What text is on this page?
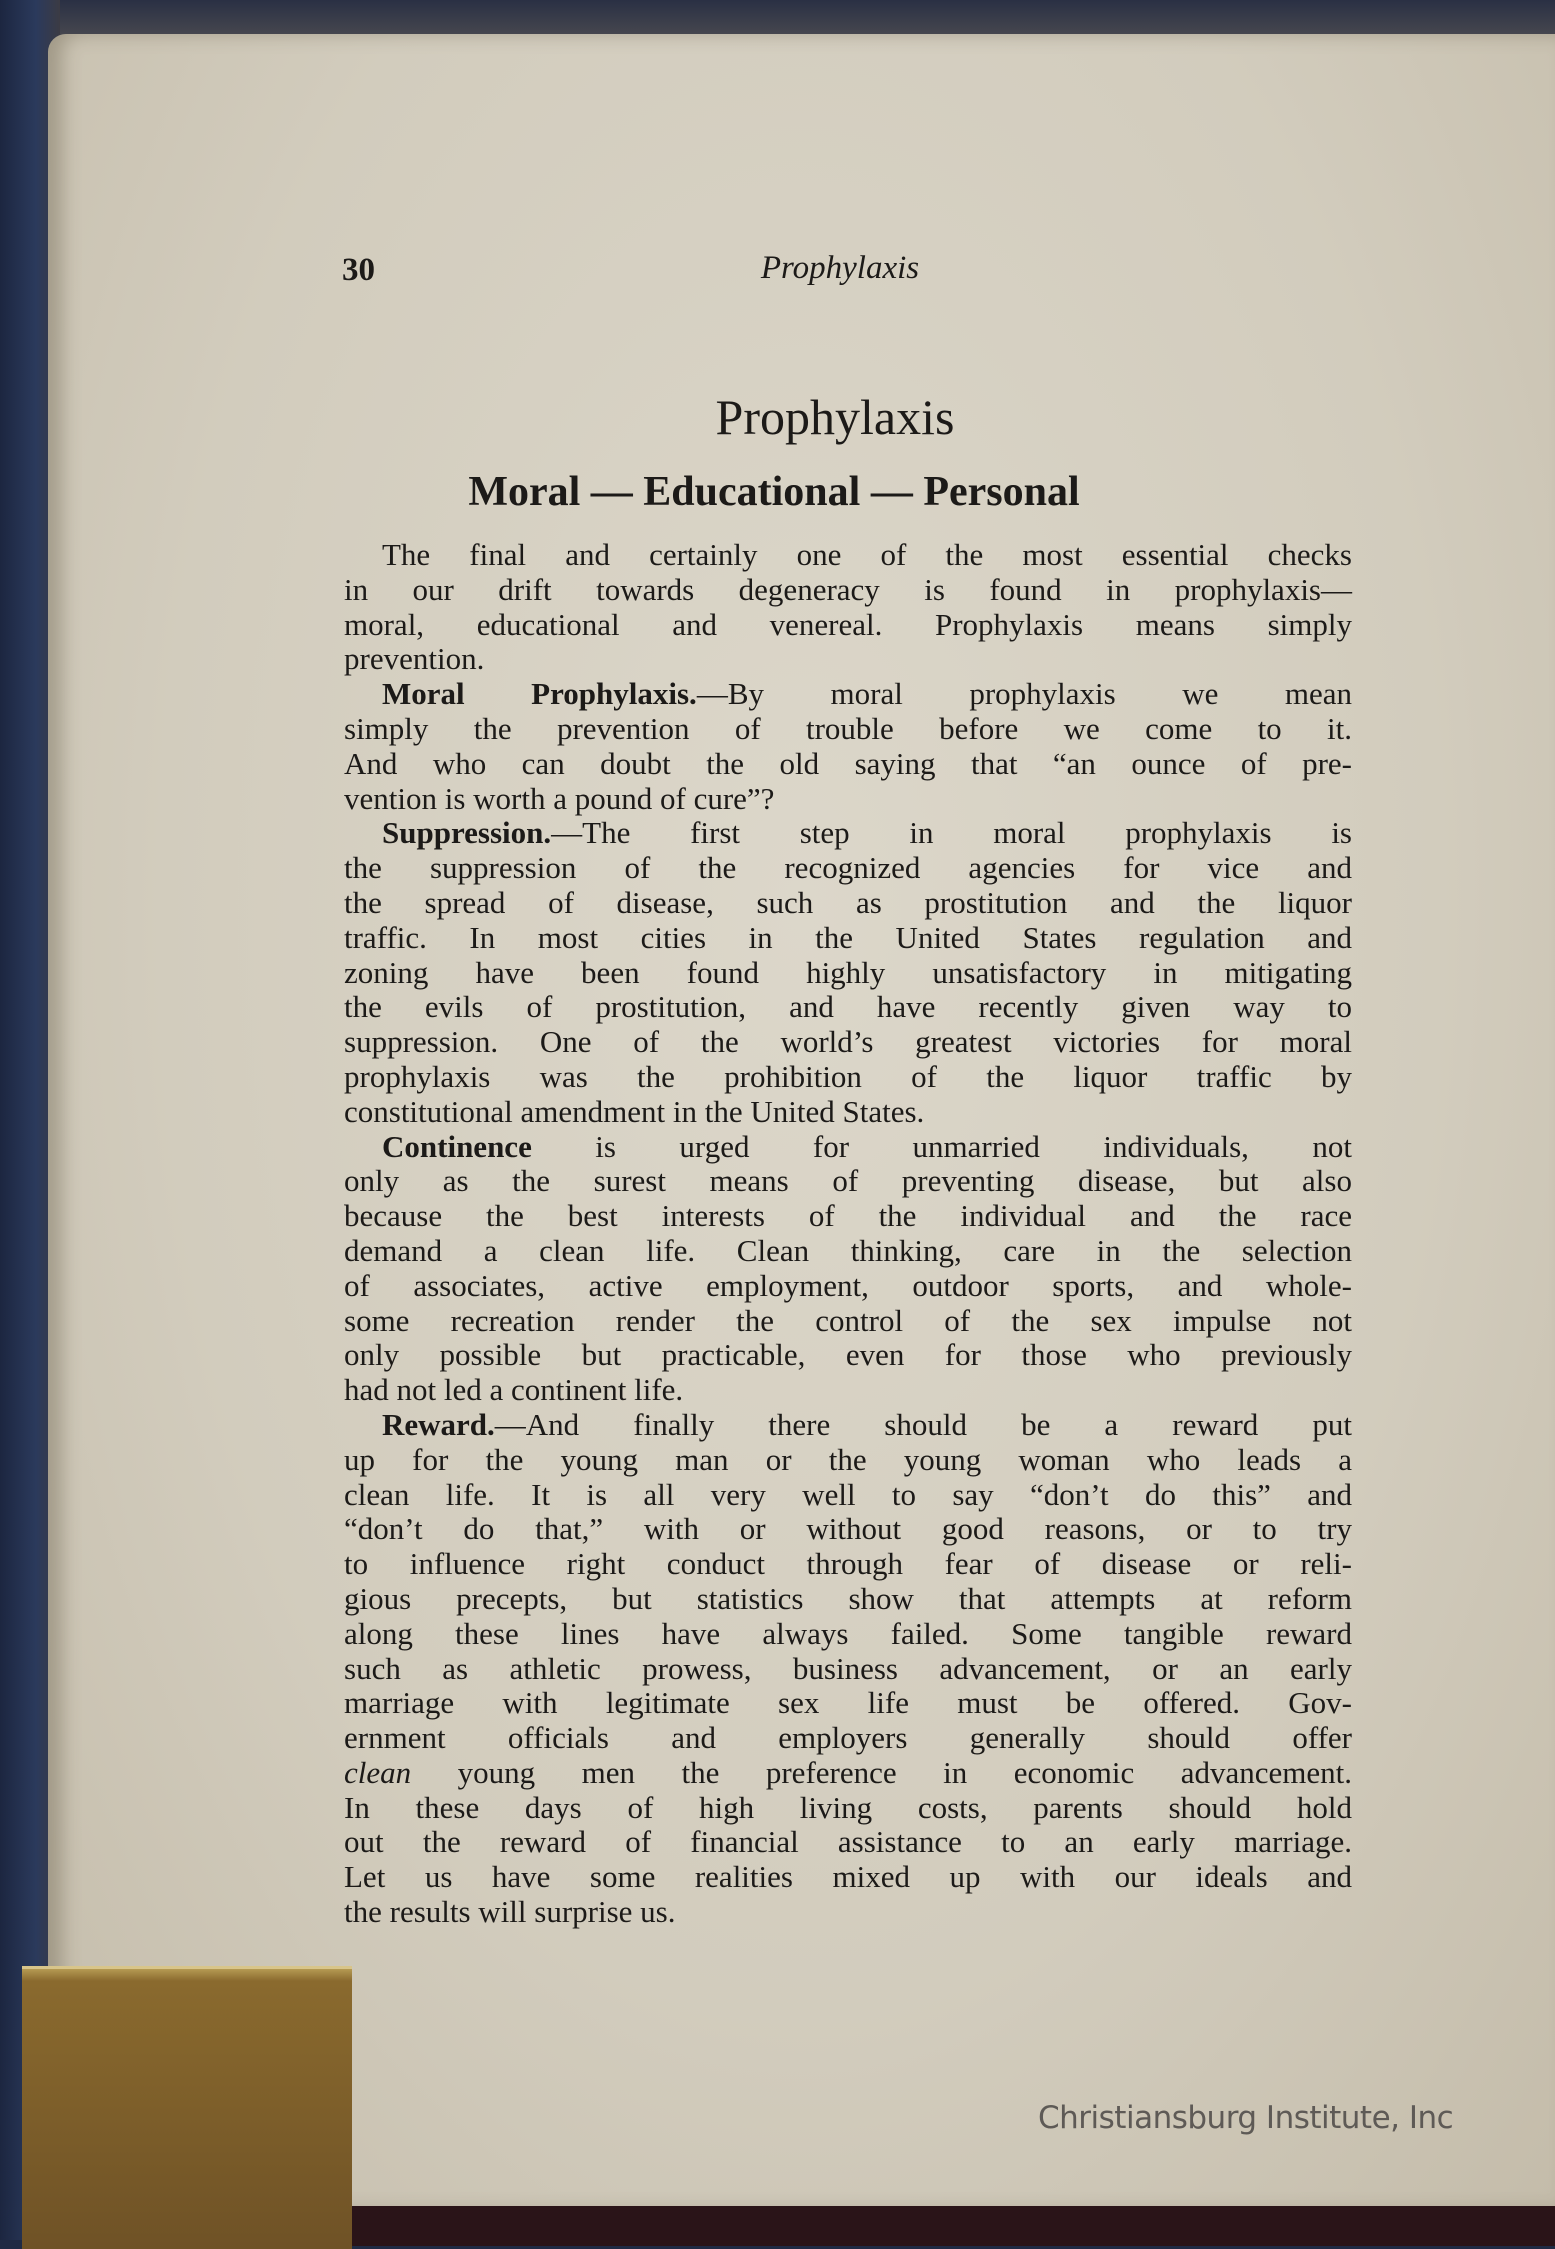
30	Prophylaxis
Prophylaxis
Moral — Educational — Personal
The final and certainly one of the most essential checks
in our drift towards degeneracy is found in prophylaxis—
moral, educational and venereal. Prophylaxis means simply
prevention.
Moral Prophylaxis.—By moral prophylaxis we mean
simply the prevention of trouble before we come to it.
And who can doubt the old saying that “an ounce of pre-
vention is worth a pound of cure”?
Suppression.—The first step in moral prophylaxis is
the suppression of the recognized agencies for vice and
the spread of disease, such as prostitution and the liquor
traffic. In most cities in the United States regulation and
zoning have been found highly unsatisfactory in mitigating
the evils of prostitution, and have recently given way to
suppression. One of the world’s greatest victories for moral
prophylaxis was the prohibition of the liquor traffic by
constitutional amendment in the United States.
Continence is urged for unmarried individuals, not
only as the surest means of preventing disease, but also
because the best interests of the individual and the race
demand a clean life. Clean thinking, care in the selection
of associates, active employment, outdoor sports, and whole-
some recreation render the control of the sex impulse not
only possible but practicable, even for those who previously
had not led a continent life.
Reward.—And finally there should be a reward put
up for the young man or the young woman who leads a
clean life. It is all very well to say “don’t do this” and
“don’t do that,” with or without good reasons, or to try
to influence right conduct through fear of disease or reli-
gious precepts, but statistics show that attempts at reform
along these lines have always failed. Some tangible reward
such as athletic prowess, business advancement, or an early
marriage with legitimate sex life must be offered. Gov-
ernment officials and employers generally should offer
clean young men the preference in economic advancement.
In these days of high living costs, parents should hold
out the reward of financial assistance to an early marriage.
Let us have some realities mixed up with our ideals and
the results will surprise us.
Christiansburg Institute, Inc
